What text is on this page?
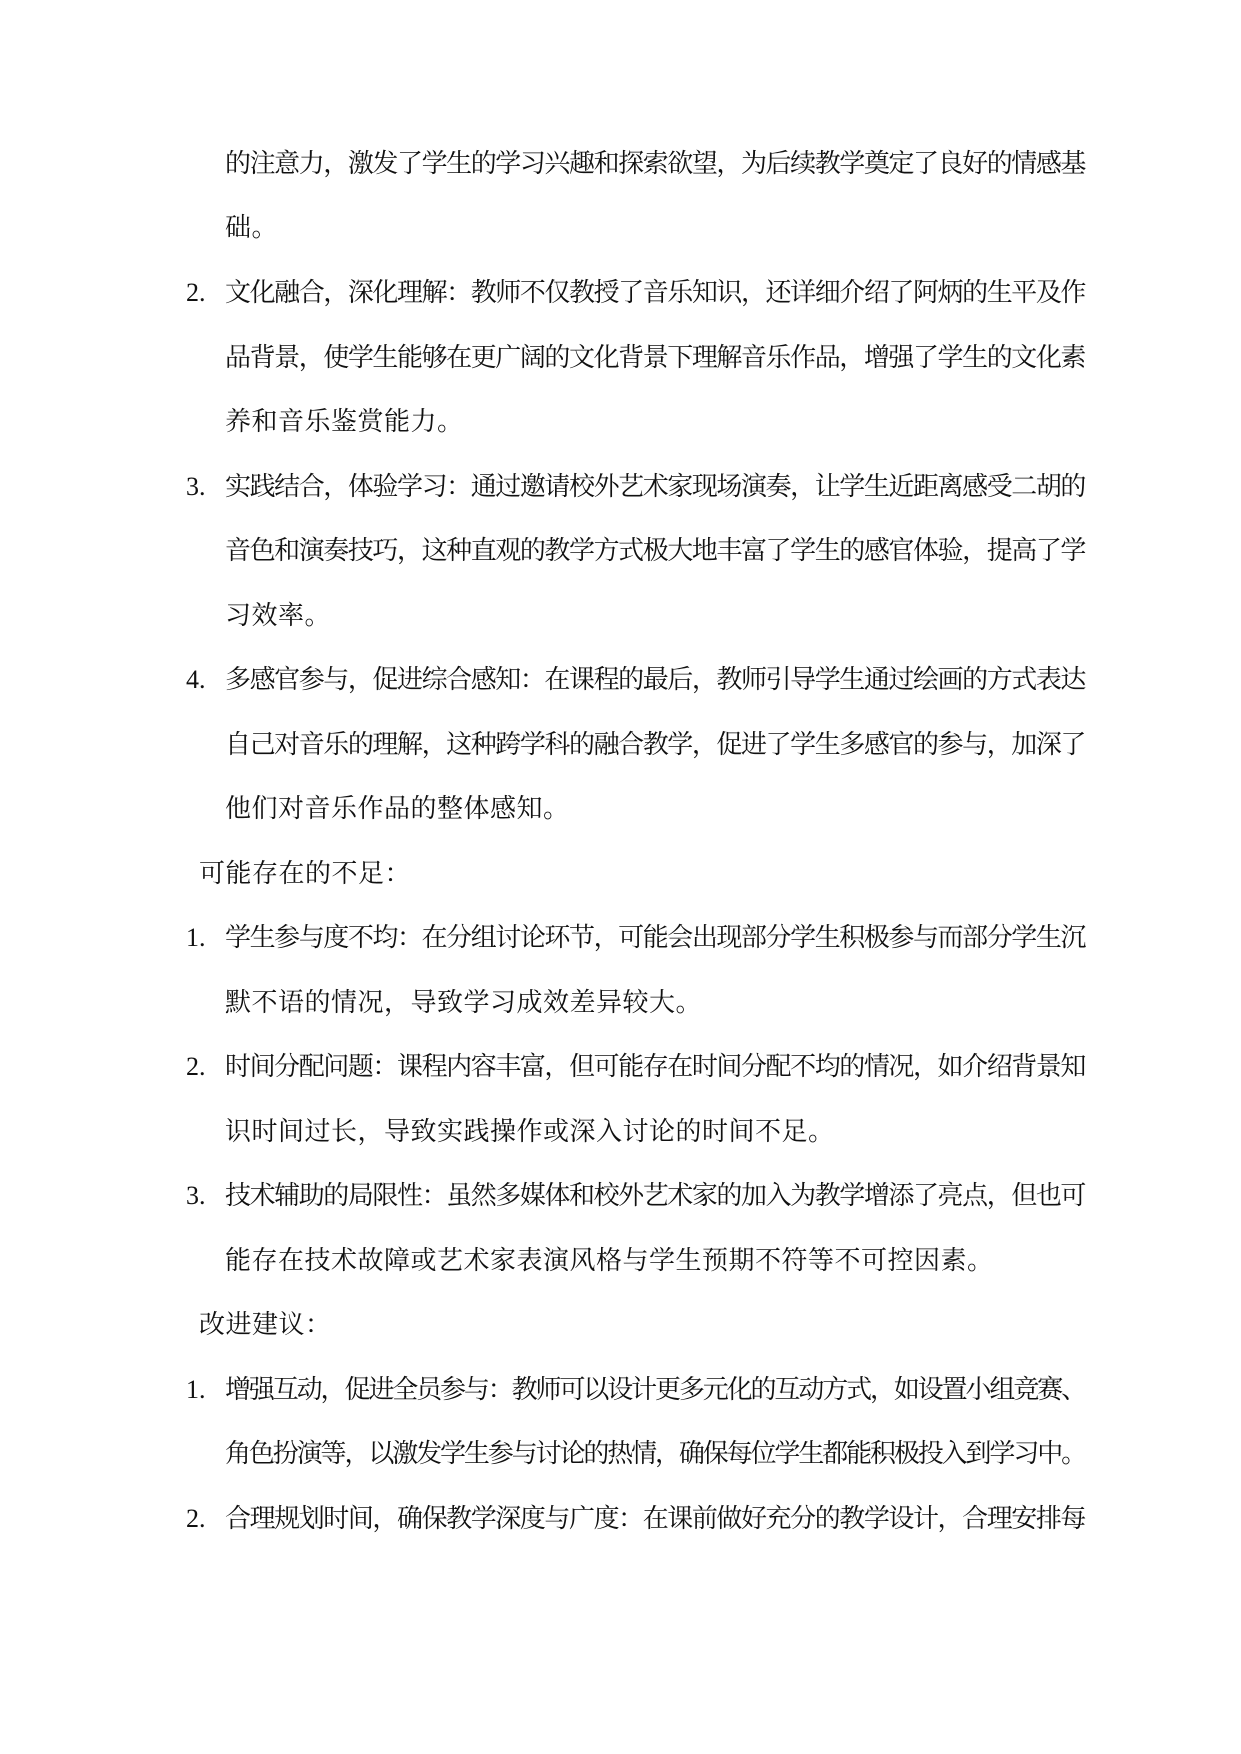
的注意力，激发了学生的学习兴趣和探索欲望，为后续教学奠定了良好的情感基
础。
2. 文化融合，深化理解：教师不仅教授了音乐知识，还详细介绍了阿炳的生平及作
品背景，使学生能够在更广阔的文化背景下理解音乐作品，增强了学生的文化素
养和音乐鉴赏能力。
3. 实践结合，体验学习：通过邀请校外艺术家现场演奏，让学生近距离感受二胡的
音色和演奏技巧，这种直观的教学方式极大地丰富了学生的感官体验，提高了学
习效率。
4. 多感官参与，促进综合感知：在课程的最后，教师引导学生通过绘画的方式表达
自己对音乐的理解，这种跨学科的融合教学，促进了学生多感官的参与，加深了
他们对音乐作品的整体感知。
可能存在的不足：
1. 学生参与度不均：在分组讨论环节，可能会出现部分学生积极参与而部分学生沉
默不语的情况，导致学习成效差异较大。
2. 时间分配问题：课程内容丰富，但可能存在时间分配不均的情况，如介绍背景知
识时间过长，导致实践操作或深入讨论的时间不足。
3. 技术辅助的局限性：虽然多媒体和校外艺术家的加入为教学增添了亮点，但也可
能存在技术故障或艺术家表演风格与学生预期不符等不可控因素。
改进建议：
1. 增强互动，促进全员参与：教师可以设计更多元化的互动方式，如设置小组竞赛、
角色扮演等，以激发学生参与讨论的热情，确保每位学生都能积极投入到学习中。
2. 合理规划时间，确保教学深度与广度：在课前做好充分的教学设计，合理安排每
